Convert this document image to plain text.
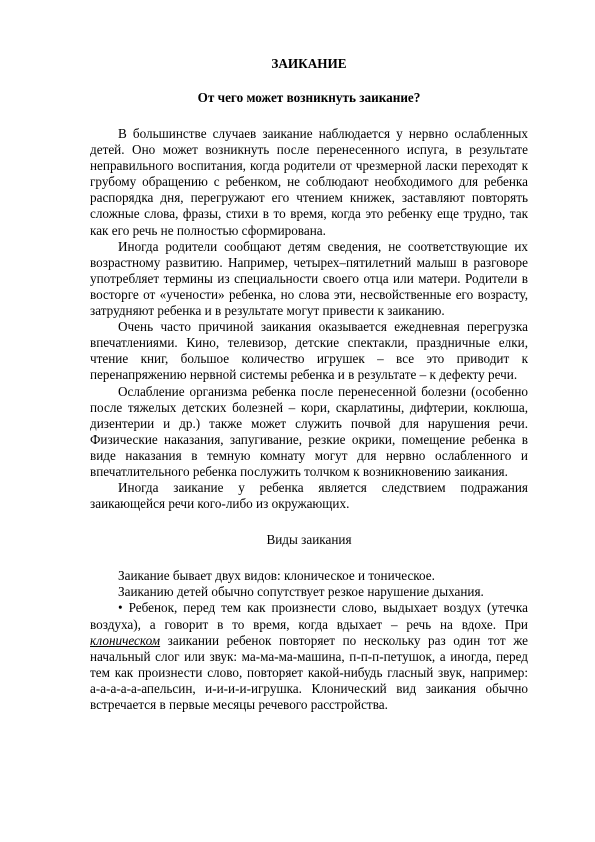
ЗАИКАНИЕ
От чего может возникнуть заикание?

В большинстве случаев заикание наблюдается у нервно ослабленных детей. Оно может возникнуть после перенесенного испуга, в результате неправильного воспитания, когда родители от чрезмерной ласки переходят к грубому обращению с ребенком, не соблюдают необходимого для ребенка распорядка дня, перегружают его чтением книжек, заставляют повторять сложные слова, фразы, стихи в то время, когда это ребенку еще трудно, так как его речь не полностью сформирована.

Иногда родители сообщают детям сведения, не соответствующие их возрастному развитию. Например, четырех–пятилетний малыш в разговоре употребляет термины из специальности своего отца или матери. Родители в восторге от «учености» ребенка, но слова эти, несвойственные его возрасту, затрудняют ребенка и в результате могут привести к заиканию.

Очень часто причиной заикания оказывается ежедневная перегрузка впечатлениями. Кино, телевизор, детские спектакли, праздничные елки, чтение книг, большое количество игрушек – все это приводит к перенапряжению нервной системы ребенка и в результате – к дефекту речи.

Ослабление организма ребенка после перенесенной болезни (особенно после тяжелых детских болезней – кори, скарлатины, дифтерии, коклюша, дизентерии и др.) также может служить почвой для нарушения речи. Физические наказания, запугивание, резкие окрики, помещение ребенка в виде наказания в темную комнату могут для нервно ослабленного и впечатлительного ребенка послужить толчком к возникновению заикания.

Иногда заикание у ребенка является следствием подражания заикающейся речи кого-либо из окружающих.

Виды заикания

Заикание бывает двух видов: клоническое и тоническое.

Заиканию детей обычно сопутствует резкое нарушение дыхания.

• Ребенок, перед тем как произнести слово, выдыхает воздух (утечка воздуха), а говорит в то время, когда вдыхает – речь на вдохе. При клоническом заикании ребенок повторяет по нескольку раз один тот же начальный слог или звук: ма-ма-ма-машина, п-п-п-петушок, а иногда, перед тем как произнести слово, повторяет какой-нибудь гласный звук, например: а-а-а-а-а-апельсин, и-и-и-и-игрушка. Клонический вид заикания обычно встречается в первые месяцы речевого расстройства.
